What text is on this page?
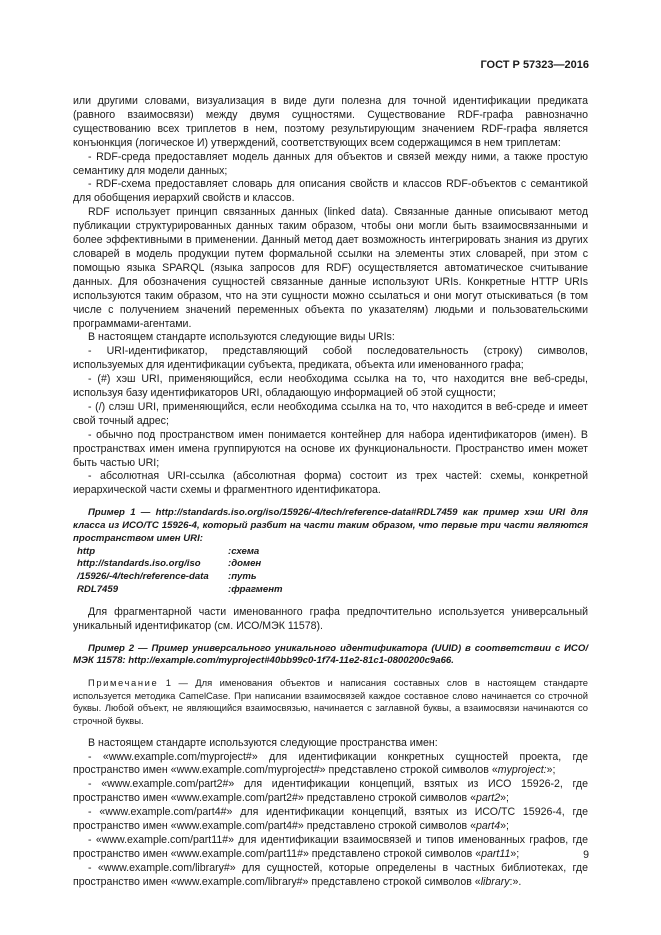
ГОСТ Р 57323—2016

или другими словами, визуализация в виде дуги полезна для точной идентификации предиката (равного взаимосвязи) между двумя сущностями. Существование RDF-графа равнозначно существованию всех триплетов в нем, поэтому результирующим значением RDF-графа является конъюнкция (логическое И) утверждений, соответствующих всем содержащимся в нем триплетам:

- RDF-среда предоставляет модель данных для объектов и связей между ними, а также простую семантику для модели данных;

- RDF-схема предоставляет словарь для описания свойств и классов RDF-объектов с семантикой для обобщения иерархий свойств и классов.

RDF использует принцип связанных данных (linked data). Связанные данные описывают метод публикации структурированных данных таким образом, чтобы они могли быть взаимосвязанными и более эффективными в применении. Данный метод дает возможность интегрировать знания из других словарей в модель продукции путем формальной ссылки на элементы этих словарей, при этом с помощью языка SPARQL (языка запросов для RDF) осуществляется автоматическое считывание данных. Для обозначения сущностей связанные данные используют URIs. Конкретные HTTP URIs используются таким образом, что на эти сущности можно ссылаться и они могут отыскиваться (в том числе с получением значений переменных объекта по указателям) людьми и пользовательскими программами-агентами.

В настоящем стандарте используются следующие виды URIs:

- URI-идентификатор, представляющий собой последовательность (строку) символов, используемых для идентификации субъекта, предиката, объекта или именованного графа;

- (#) хэш URI, применяющийся, если необходима ссылка на то, что находится вне веб-среды, используя базу идентификаторов URI, обладающую информацией об этой сущности;

- (/) слэш URI, применяющийся, если необходима ссылка на то, что находится в веб-среде и имеет свой точный адрес;

- обычно под пространством имен понимается контейнер для набора идентификаторов (имен). В пространствах имен имена группируются на основе их функциональности. Пространство имен может быть частью URI;

- абсолютная URI-ссылка (абсолютная форма) состоит из трех частей: схемы, конкретной иерархической части схемы и фрагментного идентификатора.

Пример 1 — http://standards.iso.org/iso/15926/-4/tech/reference-data#RDL7459 как пример хэш URI для класса из ИСО/ТС 15926-4, который разбит на части таким образом, что первые три части являются пространством имен URI:

http	:схема
http://standards.iso.org/iso	:домен
/15926/-4/tech/reference-data	:путь
RDL7459	:фрагмент

Для фрагментарной части именованного графа предпочтительно используется универсальный уникальный идентификатор (см. ИСО/МЭК 11578).

Пример 2 — Пример универсального уникального идентификатора (UUID) в соответствии с ИСО/МЭК 11578: http://example.com/myproject#40bb99c0-1f74-11e2-81c1-0800200c9a66.

Примечание 1 — Для именования объектов и написания составных слов в настоящем стандарте используется методика CamelCase. При написании взаимосвязей каждое составное слово начинается со строчной буквы. Любой объект, не являющийся взаимосвязью, начинается с заглавной буквы, а взаимосвязи начинаются со строчной буквы.

В настоящем стандарте используются следующие пространства имен:

- «www.example.com/myproject#» для идентификации конкретных сущностей проекта, где пространство имен «www.example.com/myproject#» представлено строкой символов «myproject:»;

- «www.example.com/part2#» для идентификации концепций, взятых из ИСО 15926-2, где пространство имен «www.example.com/part2#» представлено строкой символов «part2»;

- «www.example.com/part4#» для идентификации концепций, взятых из ИСО/ТС 15926-4, где пространство имен «www.example.com/part4#» представлено строкой символов «part4»;

- «www.example.com/part11#» для идентификации взаимосвязей и типов именованных графов, где пространство имен «www.example.com/part11#» представлено строкой символов «part11»;

- «www.example.com/library#» для сущностей, которые определены в частных библиотеках, где пространство имен «www.example.com/library#» представлено строкой символов «library:».

9
